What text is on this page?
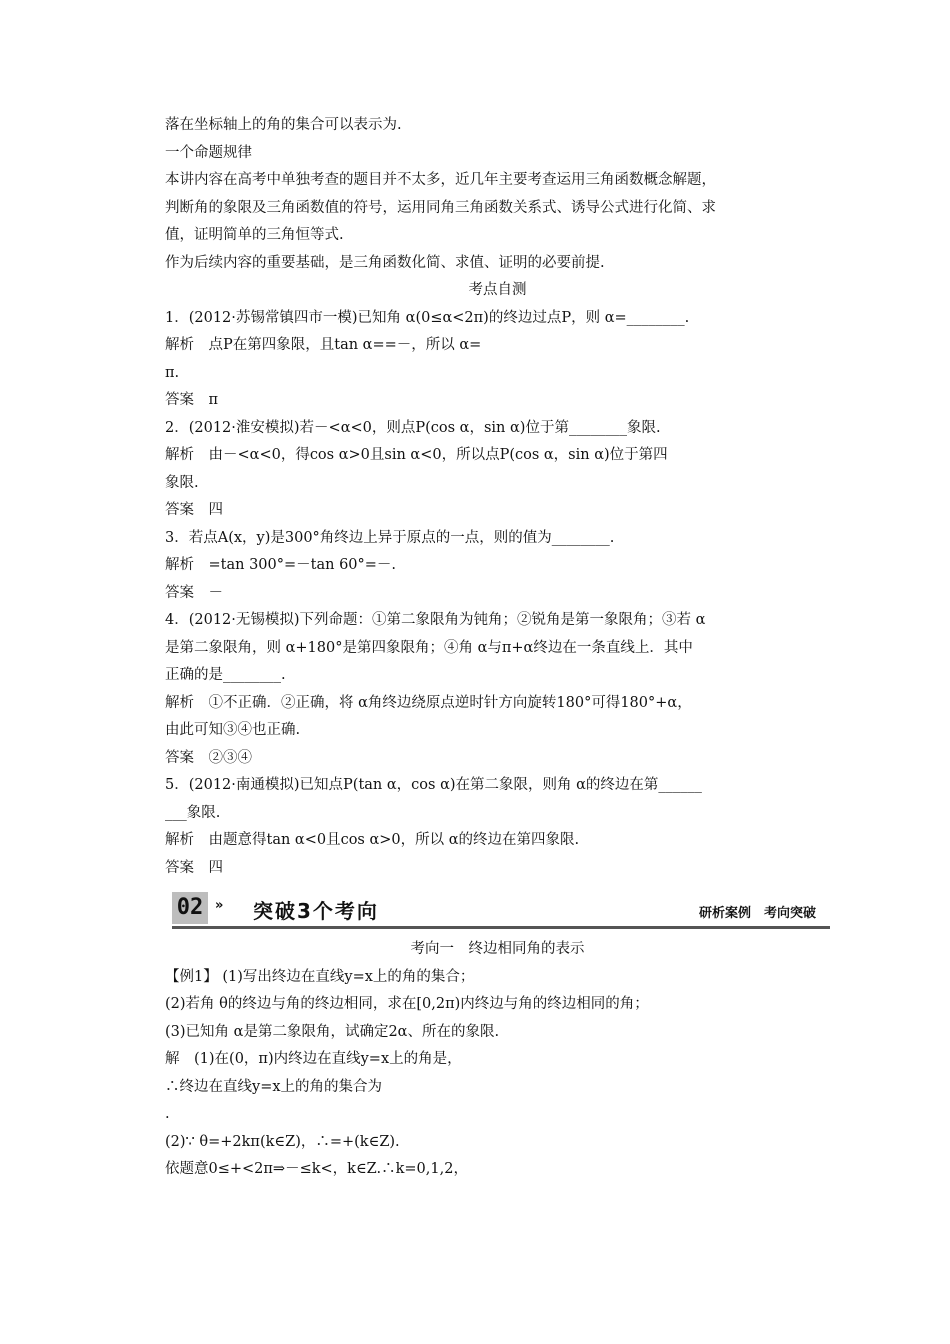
落在坐标轴上的角的集合可以表示为.
一个命题规律
本讲内容在高考中单独考查的题目并不太多，近几年主要考查运用三角函数概念解题，
判断角的象限及三角函数值的符号，运用同角三角函数关系式、诱导公式进行化简、求
值，证明简单的三角恒等式.
作为后续内容的重要基础，是三角函数化简、求值、证明的必要前提.
考点自测
1．(2012·苏锡常镇四市一模)已知角 α(0≤α<2π)的终边过点P，则 α=________.
解析　点P在第四象限，且tan α==－，所以 α=
π.
答案　π
2．(2012·淮安模拟)若－<α<0，则点P(cos α，sin α)位于第________象限.
解析　由－<α<0，得cos α>0且sin α<0，所以点P(cos α，sin α)位于第四
象限.
答案　四
3．若点A(x，y)是300°角终边上异于原点的一点，则的值为________.
解析　=tan 300°=－tan 60°=－.
答案　－
4．(2012·无锡模拟)下列命题：①第二象限角为钝角；②锐角是第一象限角；③若 α
是第二象限角，则 α+180°是第四象限角；④角 α与π+α终边在一条直线上．其中
正确的是________.
解析　①不正确．②正确，将 α角终边绕原点逆时针方向旋转180°可得180°+α，
由此可知③④也正确.
答案　②③④
5．(2012·南通模拟)已知点P(tan α，cos α)在第二象限，则角 α的终边在第______
___象限.
解析　由题意得tan α<0且cos α>0，所以 α的终边在第四象限.
答案　四
02 » 突破3个考向	研析案例　考向突破
考向一　终边相同角的表示
【例1】 (1)写出终边在直线y=x上的角的集合；
(2)若角 θ的终边与角的终边相同，求在[0,2π)内终边与角的终边相同的角；
(3)已知角 α是第二象限角，试确定2α、所在的象限.
解　(1)在(0，π)内终边在直线y=x上的角是，
∴终边在直线y=x上的角的集合为
.
(2)∵ θ=+2kπ(k∈Z)，∴=+(k∈Z).
依题意0≤+<2π⇒－≤k<，k∈Z.∴k=0,1,2，
